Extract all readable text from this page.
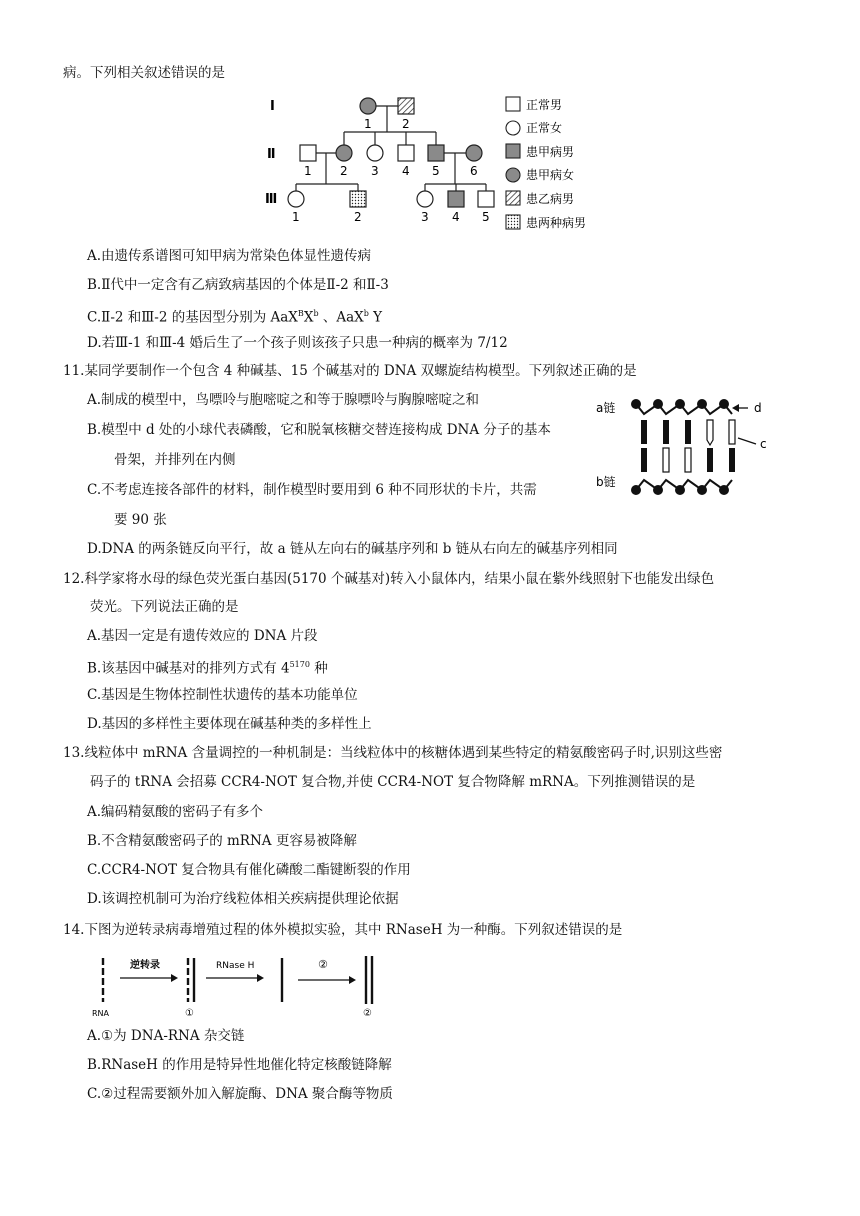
病。下列相关叙述错误的是
Ⅰ
Ⅱ
Ⅲ
1	2
1 2 3 4 5	6
1	2	3 4 5
正常男
正常女
患甲病男
患甲病女
患乙病男
患两种病男
A.由遗传系谱图可知甲病为常染色体显性遗传病
B.Ⅱ代中一定含有乙病致病基因的个体是Ⅱ-2 和Ⅱ-3
C.Ⅱ-2 和Ⅲ-2 的基因型分别为 $AaX^BX^b$ 、AaX$^b$ Y
D.若Ⅲ-1 和Ⅲ-4 婚后生了一个孩子则该孩子只患一种病的概率为 7/12
11.某同学要制作一个包含 4 种碱基、15 个碱基对的 DNA 双螺旋结构模型。下列叙述正确的是
A.制成的模型中，鸟嘌呤与胞嘧啶之和等于腺嘌呤与胸腺嘧啶之和
B.模型中 d 处的小球代表磷酸，它和脱氧核糖交替连接构成 DNA 分子的基本
骨架，并排列在内侧
C.不考虑连接各部件的材料，制作模型时要用到 6 种不同形状的卡片，共需
要 90 张
D.DNA 的两条链反向平行，故 a 链从左向右的碱基序列和 b 链从右向左的碱基序列相同
a链
b链
d
c
12.科学家将水母的绿色荧光蛋白基因(5170 个碱基对)转入小鼠体内，结果小鼠在紫外线照射下也能发出绿色
荧光。下列说法正确的是
A.基因一定是有遗传效应的 DNA 片段
B.该基因中碱基对的排列方式有 $4^{5170}$ 种
C.基因是生物体控制性状遗传的基本功能单位
D.基因的多样性主要体现在碱基种类的多样性上
13.线粒体中 mRNA 含量调控的一种机制是：当线粒体中的核糖体遇到某些特定的精氨酸密码子时,识别这些密
码子的 tRNA 会招募 CCR4-NOT 复合物,并使 CCR4-NOT 复合物降解 mRNA。下列推测错误的是
A.编码精氨酸的密码子有多个
B.不含精氨酸密码子的 mRNA 更容易被降解
C.CCR4-NOT 复合物具有催化磷酸二酯键断裂的作用
D.该调控机制可为治疗线粒体相关疾病提供理论依据
14.下图为逆转录病毒增殖过程的体外模拟实验，其中 RNaseH 为一种酶。下列叙述错误的是
RNA
逆转录
①
RNase H	②
②
A.①为 DNA-RNA 杂交链
B.RNaseH 的作用是特异性地催化特定核酸链降解
C.②过程需要额外加入解旋酶、DNA 聚合酶等物质
